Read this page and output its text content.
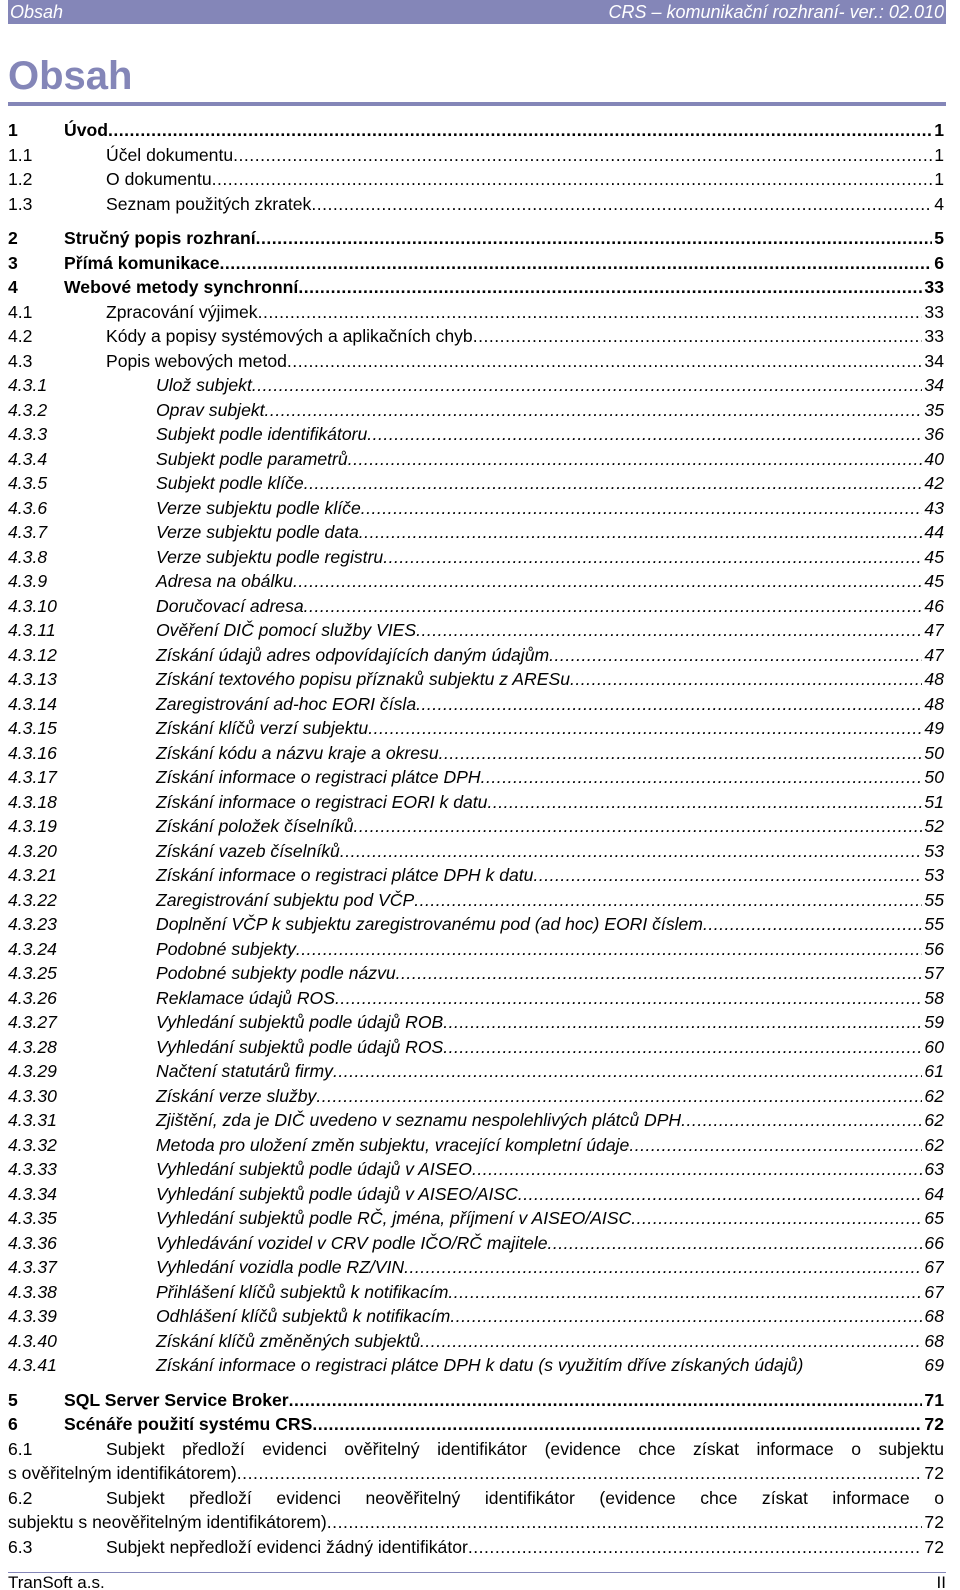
Obsah	CRS – komunikační rozhraní- ver.: 02.010
Obsah
1	Úvod .....	1
1.1	Účel dokumentu .....	1
1.2	O dokumentu .....	1
1.3	Seznam použitých zkratek .....	4
2	Stručný popis rozhraní .....	5
3	Přímá komunikace .....	6
4	Webové metody synchronní .....	33
4.1	Zpracování výjimek .....	33
4.2	Kódy a popisy systémových a aplikačních chyb .....	33
4.3	Popis webových metod .....	34
4.3.1	Ulož subjekt .....	34
4.3.2	Oprav subjekt .....	35
4.3.3	Subjekt podle identifikátoru .....	36
4.3.4	Subjekt podle parametrů .....	40
4.3.5	Subjekt podle klíče .....	42
4.3.6	Verze subjektu podle klíče .....	43
4.3.7	Verze subjektu podle data .....	44
4.3.8	Verze subjektu podle registru .....	45
4.3.9	Adresa na obálku .....	45
4.3.10	Doručovací adresa .....	46
4.3.11	Ověření DIČ pomocí služby VIES .....	47
4.3.12	Získání údajů adres odpovídajících daným údajům .....	47
4.3.13	Získání textového popisu příznaků subjektu z ARESu .....	48
4.3.14	Zaregistrování ad-hoc EORI čísla .....	48
4.3.15	Získání klíčů verzí subjektu .....	49
4.3.16	Získání kódu a názvu kraje a okresu .....	50
4.3.17	Získání informace o registraci plátce DPH .....	50
4.3.18	Získání informace o registraci EORI k datu .....	51
4.3.19	Získání položek číselníků .....	52
4.3.20	Získání vazeb číselníků .....	53
4.3.21	Získání informace o registraci plátce DPH k datu .....	53
4.3.22	Zaregistrování subjektu pod VČP .....	55
4.3.23	Doplnění VČP k subjektu zaregistrovanému pod (ad hoc) EORI číslem .....	55
4.3.24	Podobné subjekty .....	56
4.3.25	Podobné subjekty podle názvu .....	57
4.3.26	Reklamace údajů ROS .....	58
4.3.27	Vyhledání subjektů podle údajů ROB .....	59
4.3.28	Vyhledání subjektů podle údajů ROS .....	60
4.3.29	Načtení statutárů firmy .....	61
4.3.30	Získání verze služby .....	62
4.3.31	Zjištění, zda je DIČ uvedeno v seznamu nespolehlivých plátců DPH .....	62
4.3.32	Metoda pro uložení změn subjektu, vracející kompletní údaje .....	62
4.3.33	Vyhledání subjektů podle údajů v AISEO .....	63
4.3.34	Vyhledání subjektů podle údajů v AISEO/AISC .....	64
4.3.35	Vyhledání subjektů podle RČ, jména, příjmení v AISEO/AISC .....	65
4.3.36	Vyhledávání vozidel v CRV podle IČO/RČ majitele .....	66
4.3.37	Vyhledání vozidla podle RZ/VIN .....	67
4.3.38	Přihlášení klíčů subjektů k notifikacím .....	67
4.3.39	Odhlášení klíčů subjektů k notifikacím .....	68
4.3.40	Získání klíčů změněných subjektů .....	68
4.3.41	Získání informace o registraci plátce DPH k datu (s využitím dříve získaných údajů)	69
5	SQL Server Service Broker .....	71
6	Scénáře použití systému CRS .....	72
6.1	Subjekt předloží evidenci ověřitelný identifikátor (evidence chce získat informace o subjektu
s ověřitelným identifikátorem) .....	72
6.2	Subjekt předloží evidenci neověřitelný identifikátor (evidence chce získat informace o
subjektu s neověřitelným identifikátorem) .....	72
6.3	Subjekt nepředloží evidenci žádný identifikátor .....	72
TranSoft a.s.	II
